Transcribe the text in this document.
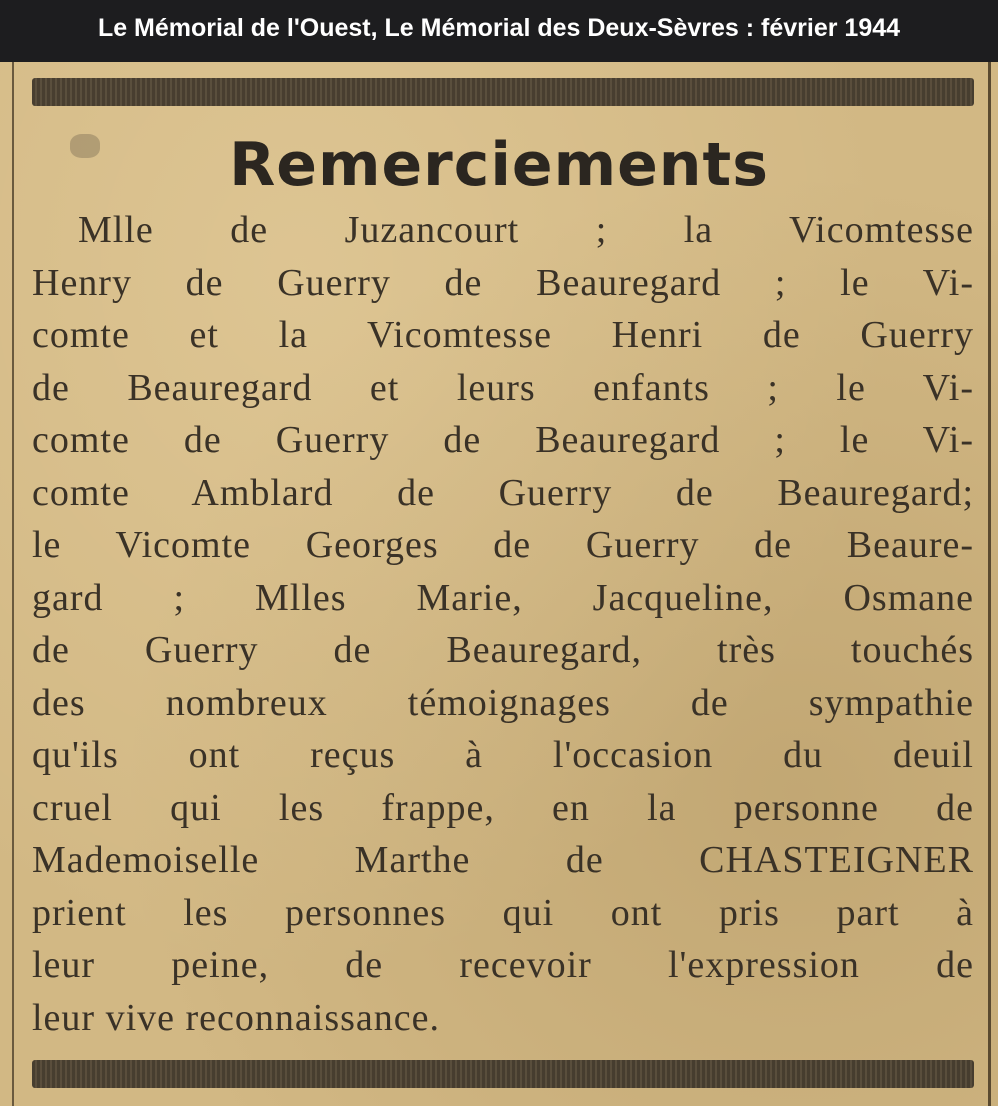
Le Mémorial de l'Ouest, Le Mémorial des Deux-Sèvres : février 1944
Remerciements
Mlle de Juzancourt ; la Vicomtesse
Henry de Guerry de Beauregard ; le Vi-
comte et la Vicomtesse Henri de Guerry
de Beauregard et leurs enfants ; le Vi-
comte de Guerry de Beauregard ; le Vi-
comte Amblard de Guerry de Beauregard;
le Vicomte Georges de Guerry de Beaure-
gard ; Mlles Marie, Jacqueline, Osmane
de Guerry de Beauregard, très touchés
des nombreux témoignages de sympathie
qu'ils ont reçus à l'occasion du deuil
cruel qui les frappe, en la personne de
Mademoiselle Marthe de CHASTEIGNER
prient les personnes qui ont pris part à
leur peine, de recevoir l'expression de
leur vive reconnaissance.
